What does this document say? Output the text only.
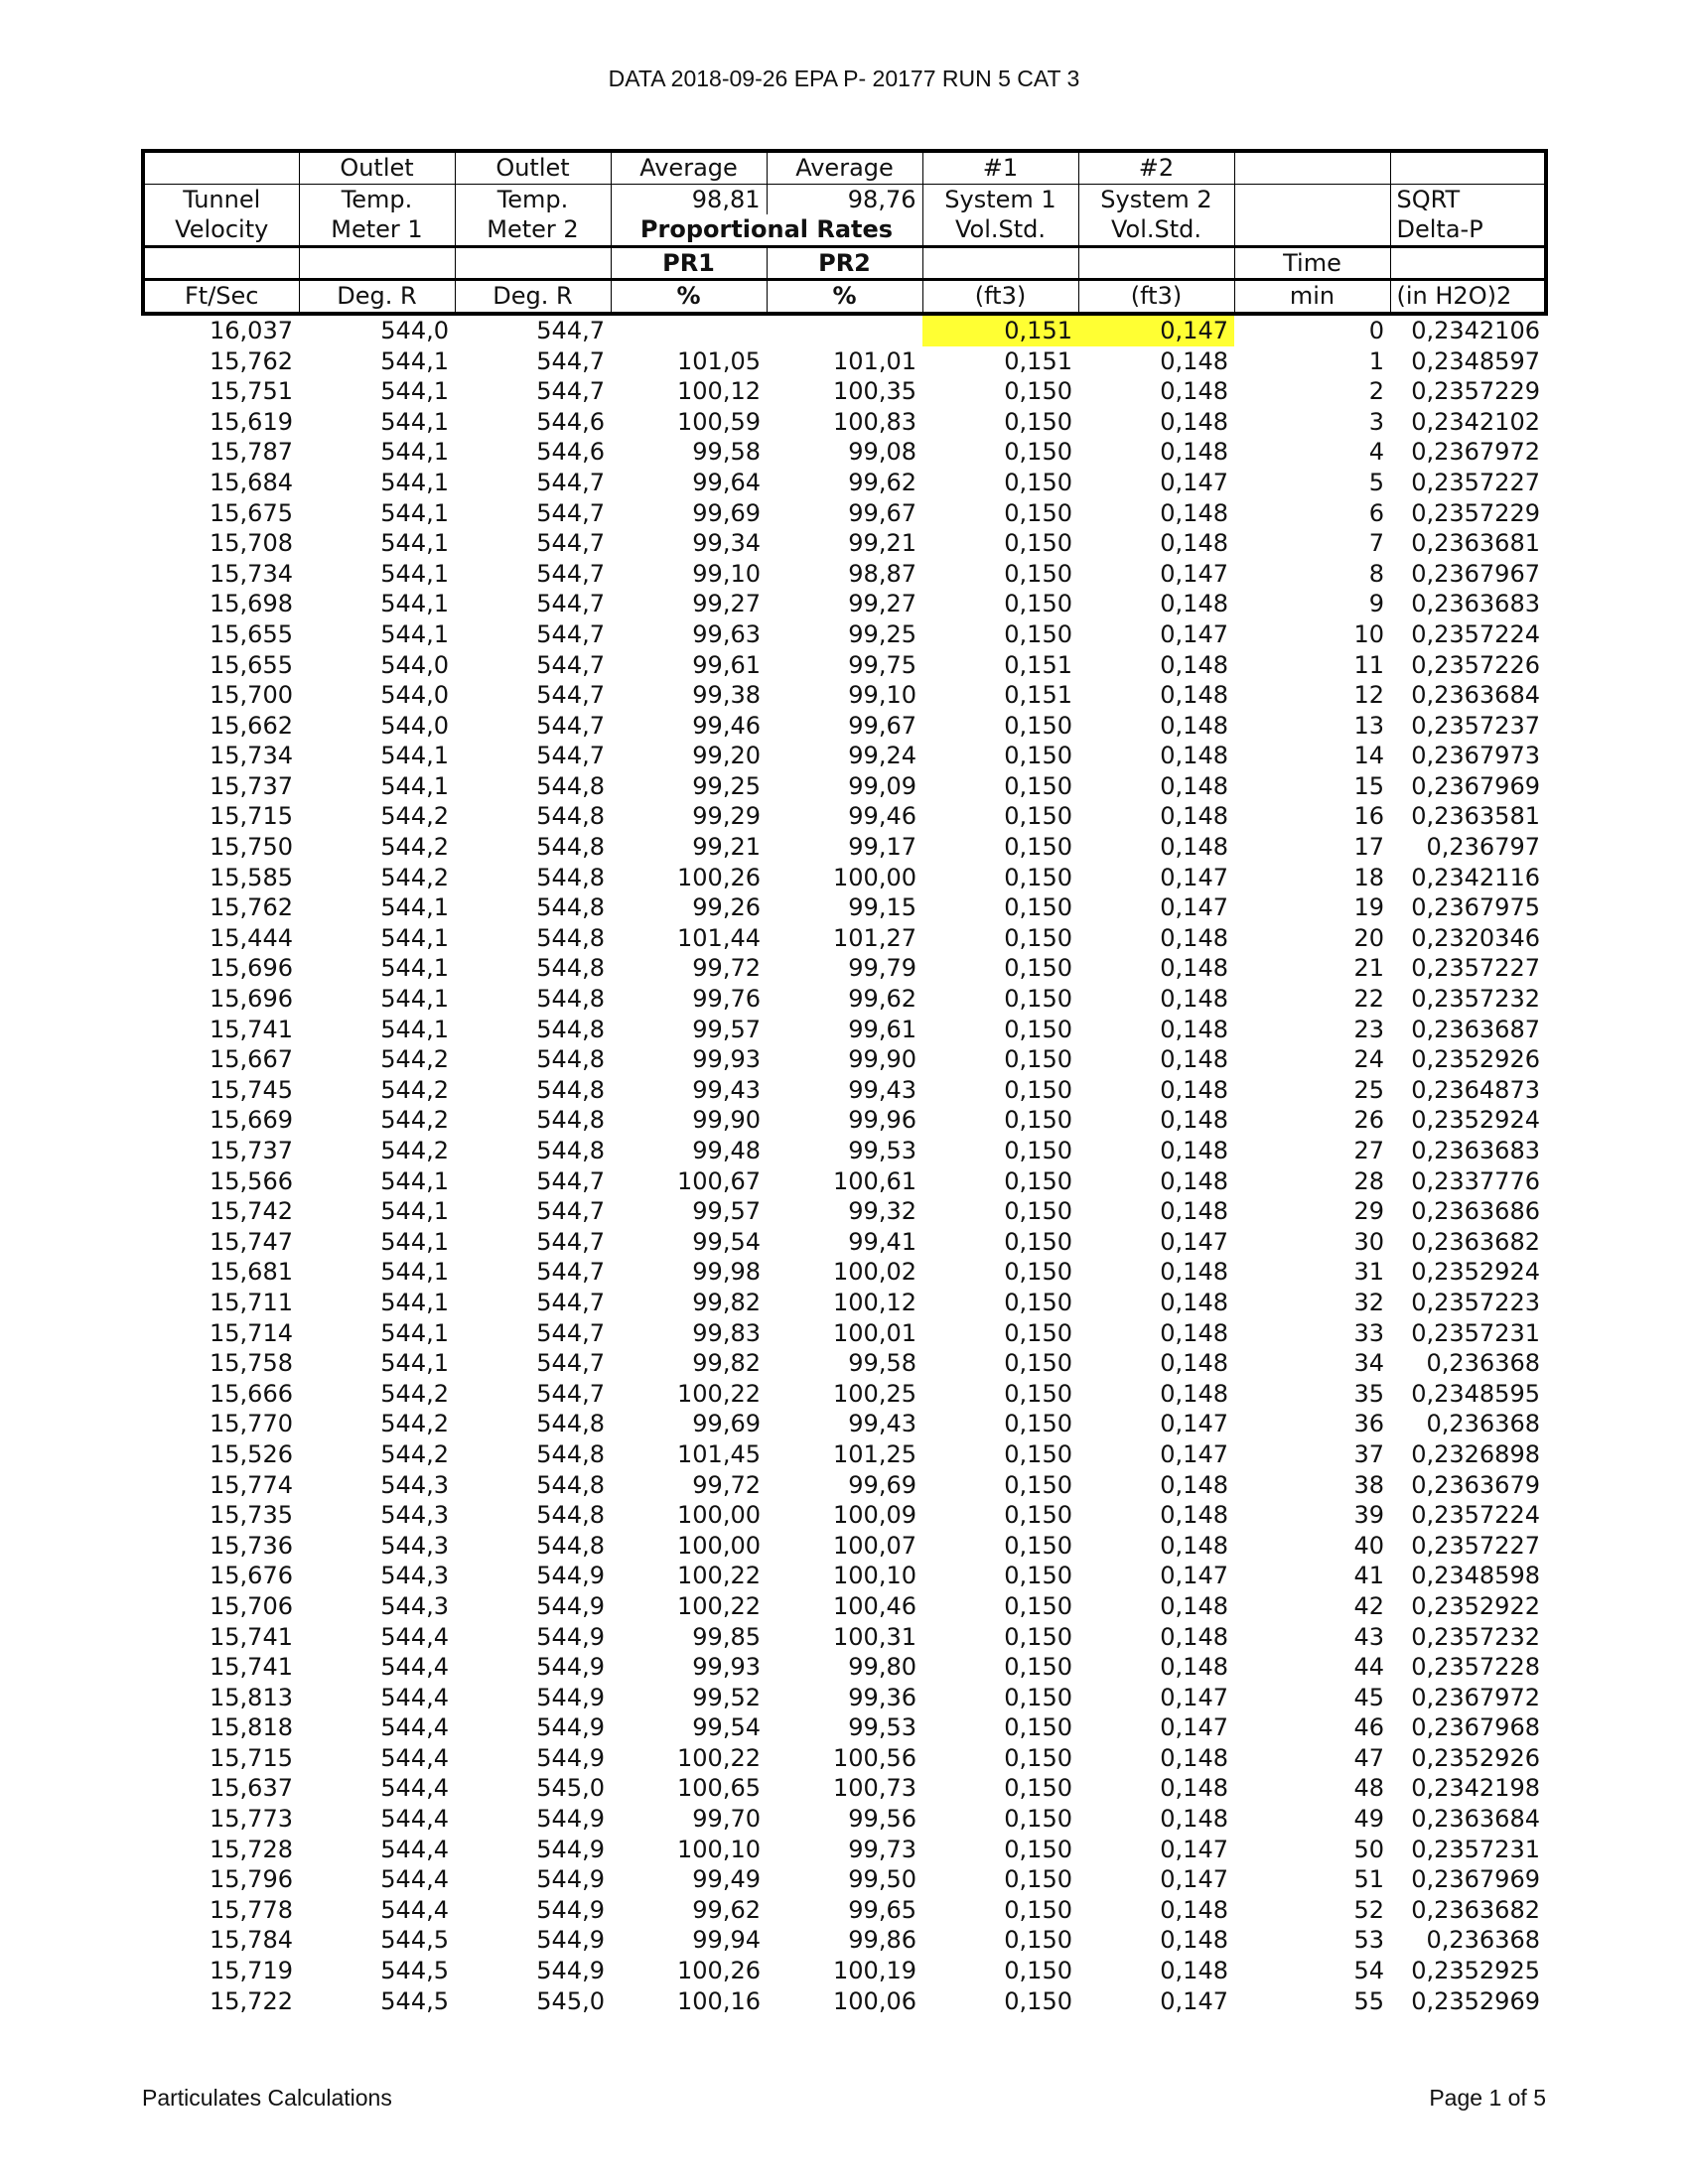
DATA 2018-09-26 EPA P- 20177 RUN 5 CAT 3
	Outlet	Outlet	Average	Average	#1	#2		
Tunnel	Temp.	Temp.	98,81	98,76	System 1	System 2		SQRT
Velocity	Meter 1	Meter 2	Proportional Rates		Vol.Std.	Vol.Std.		Delta-P
			PR1	PR2			Time	
Ft/Sec	Deg. R	Deg. R	%	%	(ft3)	(ft3)	min	(in H2O)2
16,037	544,0	544,7			0,151	0,147	0	0,2342106
15,762	544,1	544,7	101,05	101,01	0,151	0,148	1	0,2348597
15,751	544,1	544,7	100,12	100,35	0,150	0,148	2	0,2357229
15,619	544,1	544,6	100,59	100,83	0,150	0,148	3	0,2342102
15,787	544,1	544,6	99,58	99,08	0,150	0,148	4	0,2367972
15,684	544,1	544,7	99,64	99,62	0,150	0,147	5	0,2357227
15,675	544,1	544,7	99,69	99,67	0,150	0,148	6	0,2357229
15,708	544,1	544,7	99,34	99,21	0,150	0,148	7	0,2363681
15,734	544,1	544,7	99,10	98,87	0,150	0,147	8	0,2367967
15,698	544,1	544,7	99,27	99,27	0,150	0,148	9	0,2363683
15,655	544,1	544,7	99,63	99,25	0,150	0,147	10	0,2357224
15,655	544,0	544,7	99,61	99,75	0,151	0,148	11	0,2357226
15,700	544,0	544,7	99,38	99,10	0,151	0,148	12	0,2363684
15,662	544,0	544,7	99,46	99,67	0,150	0,148	13	0,2357237
15,734	544,1	544,7	99,20	99,24	0,150	0,148	14	0,2367973
15,737	544,1	544,8	99,25	99,09	0,150	0,148	15	0,2367969
15,715	544,2	544,8	99,29	99,46	0,150	0,148	16	0,2363581
15,750	544,2	544,8	99,21	99,17	0,150	0,148	17	0,236797
15,585	544,2	544,8	100,26	100,00	0,150	0,147	18	0,2342116
15,762	544,1	544,8	99,26	99,15	0,150	0,147	19	0,2367975
15,444	544,1	544,8	101,44	101,27	0,150	0,148	20	0,2320346
15,696	544,1	544,8	99,72	99,79	0,150	0,148	21	0,2357227
15,696	544,1	544,8	99,76	99,62	0,150	0,148	22	0,2357232
15,741	544,1	544,8	99,57	99,61	0,150	0,148	23	0,2363687
15,667	544,2	544,8	99,93	99,90	0,150	0,148	24	0,2352926
15,745	544,2	544,8	99,43	99,43	0,150	0,148	25	0,2364873
15,669	544,2	544,8	99,90	99,96	0,150	0,148	26	0,2352924
15,737	544,2	544,8	99,48	99,53	0,150	0,148	27	0,2363683
15,566	544,1	544,7	100,67	100,61	0,150	0,148	28	0,2337776
15,742	544,1	544,7	99,57	99,32	0,150	0,148	29	0,2363686
15,747	544,1	544,7	99,54	99,41	0,150	0,147	30	0,2363682
15,681	544,1	544,7	99,98	100,02	0,150	0,148	31	0,2352924
15,711	544,1	544,7	99,82	100,12	0,150	0,148	32	0,2357223
15,714	544,1	544,7	99,83	100,01	0,150	0,148	33	0,2357231
15,758	544,1	544,7	99,82	99,58	0,150	0,148	34	0,236368
15,666	544,2	544,7	100,22	100,25	0,150	0,148	35	0,2348595
15,770	544,2	544,8	99,69	99,43	0,150	0,147	36	0,236368
15,526	544,2	544,8	101,45	101,25	0,150	0,147	37	0,2326898
15,774	544,3	544,8	99,72	99,69	0,150	0,148	38	0,2363679
15,735	544,3	544,8	100,00	100,09	0,150	0,148	39	0,2357224
15,736	544,3	544,8	100,00	100,07	0,150	0,148	40	0,2357227
15,676	544,3	544,9	100,22	100,10	0,150	0,147	41	0,2348598
15,706	544,3	544,9	100,22	100,46	0,150	0,148	42	0,2352922
15,741	544,4	544,9	99,85	100,31	0,150	0,148	43	0,2357232
15,741	544,4	544,9	99,93	99,80	0,150	0,148	44	0,2357228
15,813	544,4	544,9	99,52	99,36	0,150	0,147	45	0,2367972
15,818	544,4	544,9	99,54	99,53	0,150	0,147	46	0,2367968
15,715	544,4	544,9	100,22	100,56	0,150	0,148	47	0,2352926
15,637	544,4	545,0	100,65	100,73	0,150	0,148	48	0,2342198
15,773	544,4	544,9	99,70	99,56	0,150	0,148	49	0,2363684
15,728	544,4	544,9	100,10	99,73	0,150	0,147	50	0,2357231
15,796	544,4	544,9	99,49	99,50	0,150	0,147	51	0,2367969
15,778	544,4	544,9	99,62	99,65	0,150	0,148	52	0,2363682
15,784	544,5	544,9	99,94	99,86	0,150	0,148	53	0,236368
15,719	544,5	544,9	100,26	100,19	0,150	0,148	54	0,2352925
15,722	544,5	545,0	100,16	100,06	0,150	0,147	55	0,2352969
Particulates Calculations	Page 1 of 5
